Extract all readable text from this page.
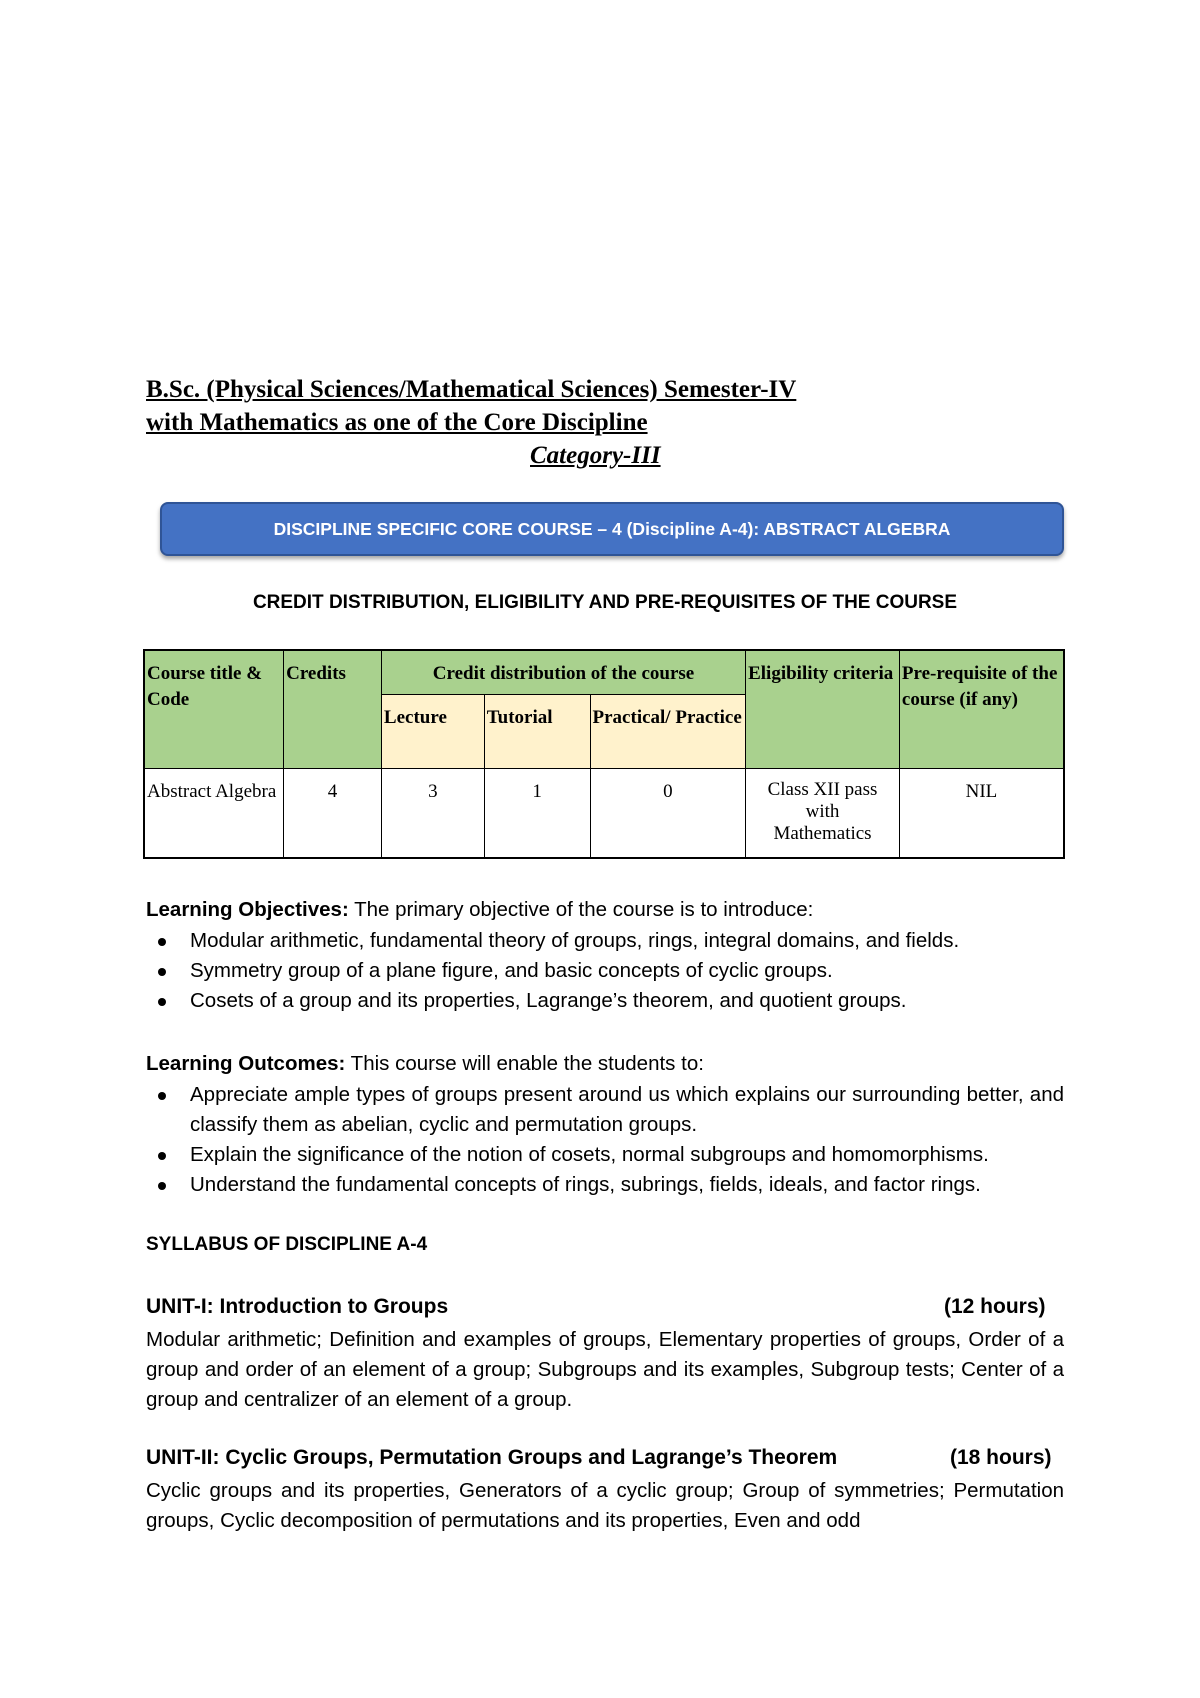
B.Sc. (Physical Sciences/Mathematical Sciences) Semester-IV
with Mathematics as one of the Core Discipline
Category-III
DISCIPLINE SPECIFIC CORE COURSE – 4 (Discipline A-4): ABSTRACT ALGEBRA
CREDIT DISTRIBUTION, ELIGIBILITY AND PRE-REQUISITES OF THE COURSE
Course title & Code	Credits	Credit distribution of the course			Eligibility criteria	Pre-requisite of the course (if any)
		Lecture	Tutorial	Practical/ Practice		
Abstract Algebra	4	3	1	0	Class XII pass with Mathematics	NIL
Learning Objectives: The primary objective of the course is to introduce:
Modular arithmetic, fundamental theory of groups, rings, integral domains, and fields.
Symmetry group of a plane figure, and basic concepts of cyclic groups.
Cosets of a group and its properties, Lagrange’s theorem, and quotient groups.
Learning Outcomes: This course will enable the students to:
Appreciate ample types of groups present around us which explains our surrounding better, and classify them as abelian, cyclic and permutation groups.
Explain the significance of the notion of cosets, normal subgroups and homomorphisms.
Understand the fundamental concepts of rings, subrings, fields, ideals, and factor rings.
SYLLABUS OF DISCIPLINE A-4
UNIT-I: Introduction to Groups	(12 hours)
Modular arithmetic; Definition and examples of groups, Elementary properties of groups, Order of a group and order of an element of a group; Subgroups and its examples, Subgroup tests; Center of a group and centralizer of an element of a group.
UNIT-II: Cyclic Groups, Permutation Groups and Lagrange’s Theorem	(18 hours)
Cyclic groups and its properties, Generators of a cyclic group; Group of symmetries; Permutation groups, Cyclic decomposition of permutations and its properties, Even and odd
